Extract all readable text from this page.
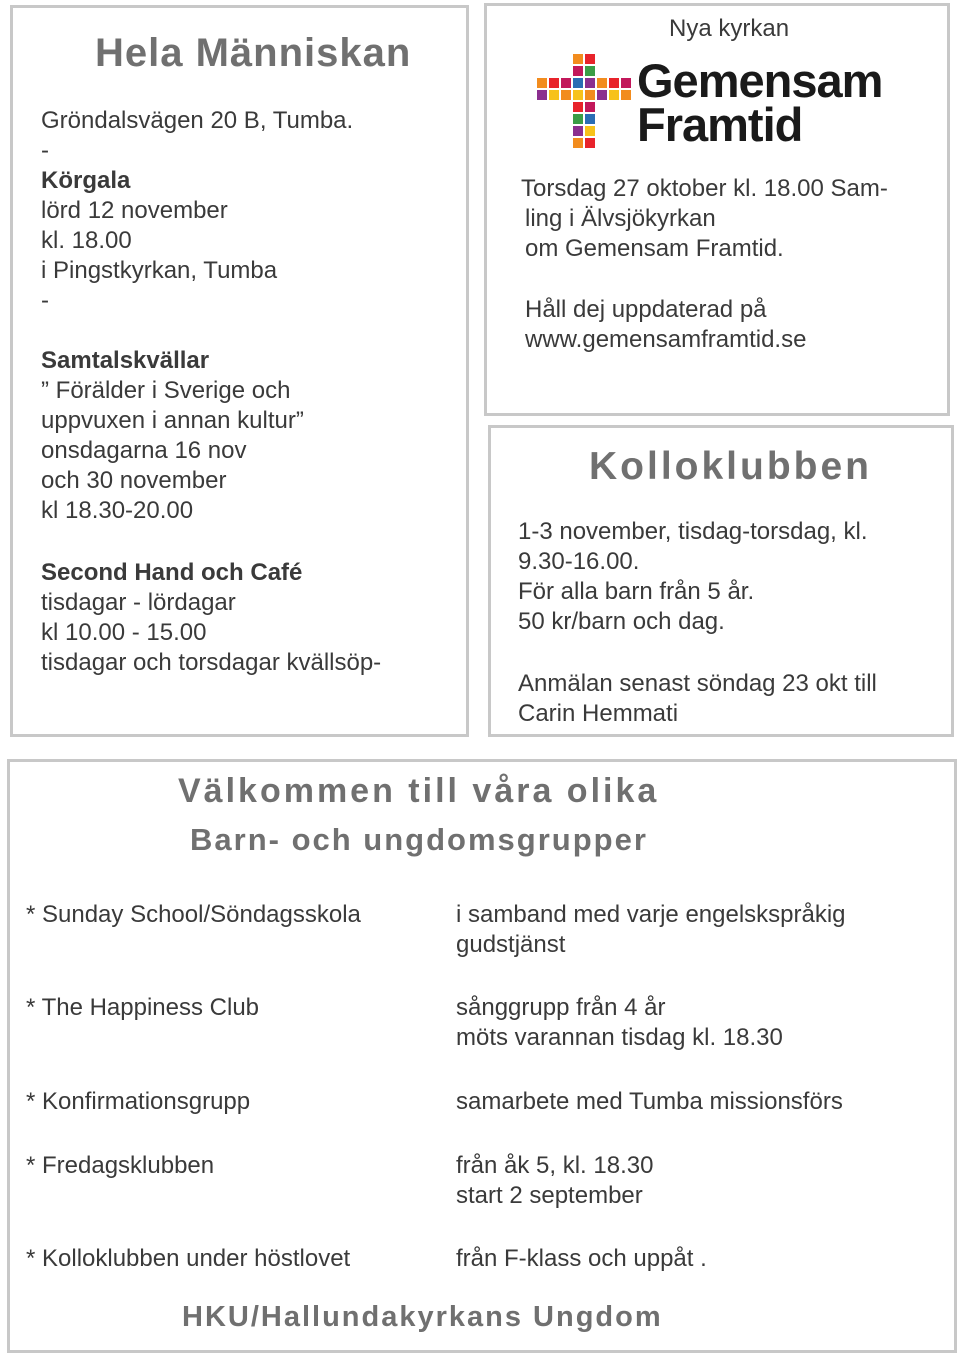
Hela Människan
Gröndalsvägen 20 B, Tumba.
-
Körgala
lörd 12 november
kl. 18.00
i Pingstkyrkan, Tumba
-
Samtalskvällar
” Förälder i Sverige och
uppvuxen i annan kultur”
onsdagarna 16 nov
och 30 november
kl 18.30-20.00
Second Hand och Café
tisdagar - lördagar
kl 10.00 - 15.00
tisdagar och torsdagar kvällsöp-
Nya kyrkan
Gemensam
Framtid
Torsdag 27 oktober kl. 18.00 Sam-
ling i Älvsjökyrkan
om Gemensam Framtid.
Håll dej uppdaterad på
www.gemensamframtid.se
Kolloklubben
1-3 november, tisdag-torsdag, kl.
9.30-16.00.
För alla barn från 5 år.
50 kr/barn och dag.
Anmälan senast söndag 23 okt till
Carin Hemmati
Välkommen till våra olika
Barn- och ungdomsgrupper
* Sunday School/Söndagsskola	i samband med varje engelskspråkig
gudstjänst
* The Happiness Club	sånggrupp från 4 år
möts varannan tisdag kl. 18.30
* Konfirmationsgrupp	samarbete med Tumba missionsförs
* Fredagsklubben	från åk 5, kl. 18.30
start 2 september
* Kolloklubben under höstlovet	från F-klass och uppåt .
HKU/Hallundakyrkans Ungdom
